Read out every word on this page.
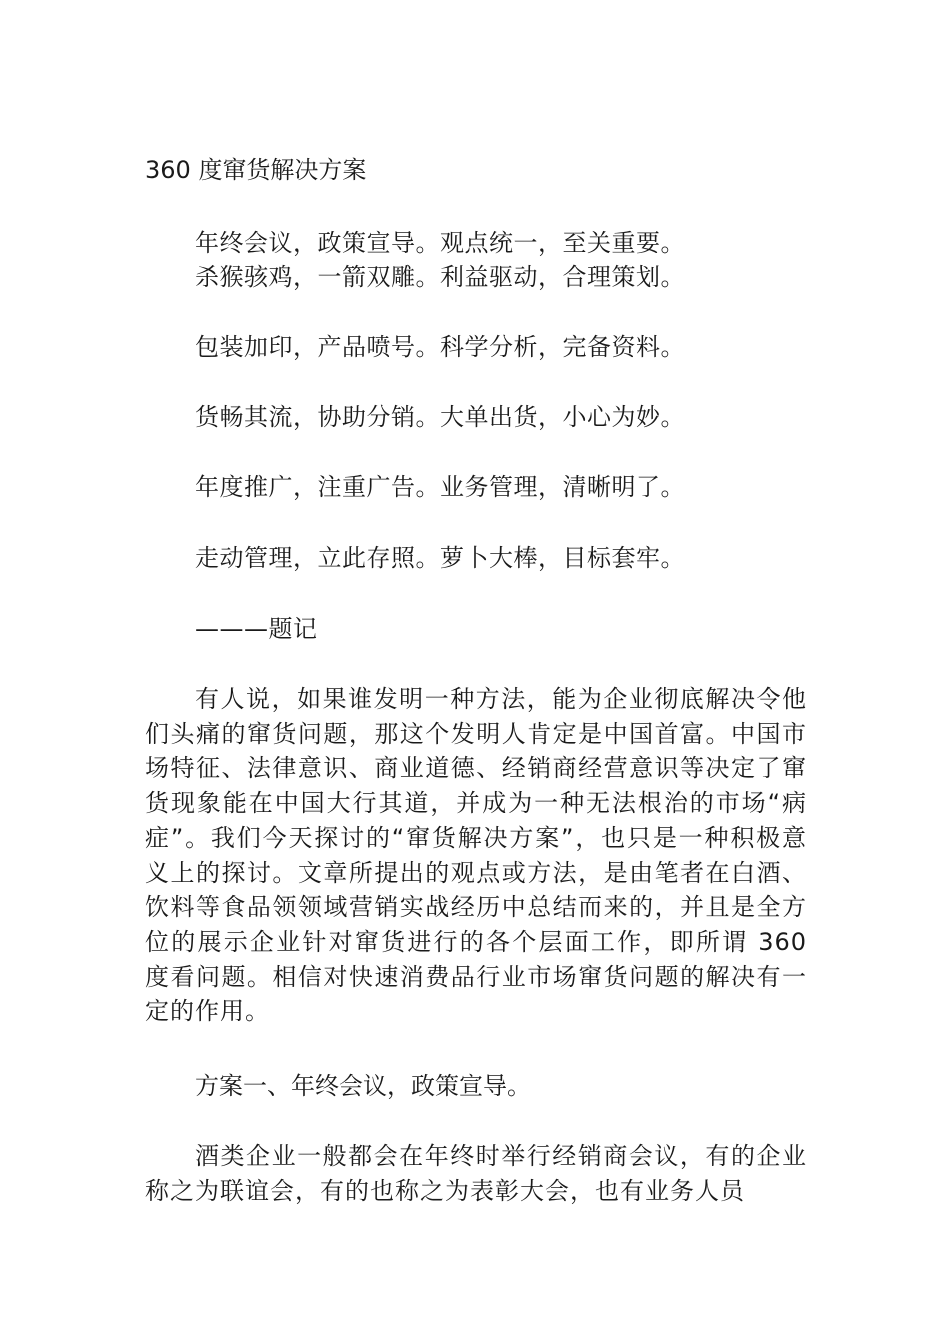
360 度窜货解决方案
年终会议，政策宣导。观点统一，至关重要。
杀猴骇鸡，一箭双雕。利益驱动，合理策划。
包装加印，产品喷号。科学分析，完备资料。
货畅其流，协助分销。大单出货，小心为妙。
年度推广，注重广告。业务管理，清晰明了。
走动管理，立此存照。萝卜大棒，目标套牢。
———题记
有人说，如果谁发明一种方法，能为企业彻底解决令他们头痛的窜货问题，那这个发明人肯定是中国首富。中国市场特征、法律意识、商业道德、经销商经营意识等决定了窜货现象能在中国大行其道，并成为一种无法根治的市场“病症”。我们今天探讨的“窜货解决方案”，也只是一种积极意义上的探讨。文章所提出的观点或方法，是由笔者在白酒、饮料等食品领领域营销实战经历中总结而来的，并且是全方位的展示企业针对窜货进行的各个层面工作，即所谓 360 度看问题。相信对快速消费品行业市场窜货问题的解决有一定的作用。
方案一、年终会议，政策宣导。
酒类企业一般都会在年终时举行经销商会议，有的企业称之为联谊会，有的也称之为表彰大会，也有业务人员
